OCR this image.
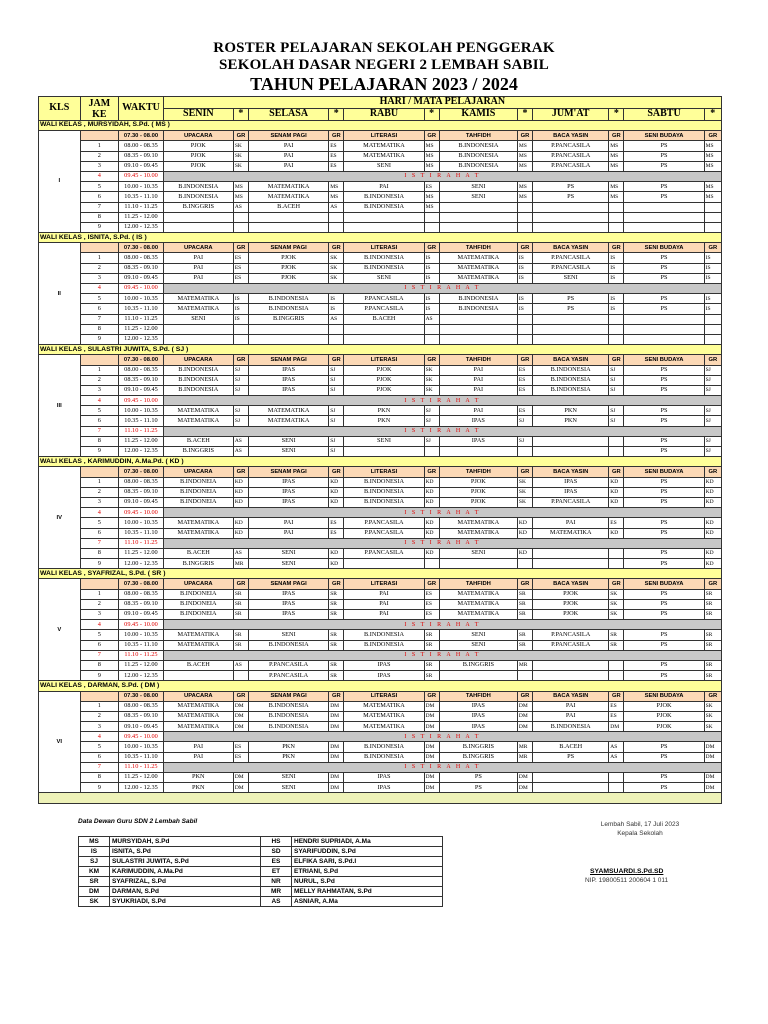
ROSTER PELAJARAN SEKOLAH PENGGERAK
SEKOLAH DASAR NEGERI 2 LEMBAH SABIL
TAHUN PELAJARAN 2023 / 2024
KLS	JAM KE	WAKTU	HARI / MATA PELAJARAN											
			SENIN	*	SELASA	*	RABU	*	KAMIS	*	JUM'AT	*	SABTU	*
WALI KELAS , MURSYIDAH, S.Pd. ( MS )														
I		07.30 - 08.00	UPACARA	GR	SENAM PAGI	GR	LITERASI	GR	TAHFIDH	GR	BACA YASIN	GR	SENI BUDAYA	GR
	1	08.00 - 08.35	PJOK	SK	PAI	ES	MATEMATIKA	MS	B.INDONESIA	MS	P.PANCASILA	MS	PS	MS
	2	08.35 - 09.10	PJOK	SK	PAI	ES	MATEMATIKA	MS	B.INDONESIA	MS	P.PANCASILA	MS	PS	MS
	3	09.10 - 09.45	PJOK	SK	PAI	ES	SENI	MS	B.INDONESIA	MS	P.PANCASILA	MS	PS	MS
	4	09.45 - 10.00	I S T I R A H A T											
	5	10.00 - 10.35	B.INDONESIA	MS	MATEMATIKA	MS	PAI	ES	SENI	MS	PS	MS	PS	MS
	6	10.35 - 11.10	B.INDONESIA	MS	MATEMATIKA	MS	B.INDONESIA	MS	SENI	MS	PS	MS	PS	MS
	7	11.10 - 11.25	B.INGGRIS	AS	B.ACEH	AS	B.INDONESIA	MS						
	8	11.25 - 12.00												
	9	12.00 - 12.35												
WALI KELAS , ISNITA, S.Pd. ( IS )														
II		07.30 - 08.00	UPACARA	GR	SENAM PAGI	GR	LITERASI	GR	TAHFIDH	GR	BACA YASIN	GR	SENI BUDAYA	GR
	1	08.00 - 08.35	PAI	ES	PJOK	SK	B.INDONESIA	IS	MATEMATIKA	IS	P.PANCASILA	IS	PS	IS
	2	08.35 - 09.10	PAI	ES	PJOK	SK	B.INDONESIA	IS	MATEMATIKA	IS	P.PANCASILA	IS	PS	IS
	3	09.10 - 09.45	PAI	ES	PJOK	SK	SENI	IS	MATEMATIKA	IS	SENI	IS	PS	IS
	4	09.45 - 10.00	I S T I R A H A T											
	5	10.00 - 10.35	MATEMATIKA	IS	B.INDONESIA	IS	P.PANCASILA	IS	B.INDONESIA	IS	PS	IS	PS	IS
	6	10.35 - 11.10	MATEMATIKA	IS	B.INDONESIA	IS	P.PANCASILA	IS	B.INDONESIA	IS	PS	IS	PS	IS
	7	11.10 - 11.25	SENI	IS	B.INGGRIS	AS	B.ACEH	AS						
	8	11.25 - 12.00												
	9	12.00 - 12.35												
WALI KELAS , SULASTRI JUWITA, S.Pd. ( SJ )														
III		07.30 - 08.00	UPACARA	GR	SENAM PAGI	GR	LITERASI	GR	TAHFIDH	GR	BACA YASIN	GR	SENI BUDAYA	GR
	1	08.00 - 08.35	B.INDONESIA	SJ	IPAS	SJ	PJOK	SK	PAI	ES	B.INDONESIA	SJ	PS	SJ
	2	08.35 - 09.10	B.INDONESIA	SJ	IPAS	SJ	PJOK	SK	PAI	ES	B.INDONESIA	SJ	PS	SJ
	3	09.10 - 09.45	B.INDONESIA	SJ	IPAS	SJ	PJOK	SK	PAI	ES	B.INDONESIA	SJ	PS	SJ
	4	09.45 - 10.00	I S T I R A H A T											
	5	10.00 - 10.35	MATEMATIKA	SJ	MATEMATIKA	SJ	PKN	SJ	PAI	ES	PKN	SJ	PS	SJ
	6	10.35 - 11.10	MATEMATIKA	SJ	MATEMATIKA	SJ	PKN	SJ	IPAS	SJ	PKN	SJ	PS	SJ
	7	11.10 - 11.25	I S T I R A H A T											
	8	11.25 - 12.00	B.ACEH	AS	SENI	SJ	SENI	SJ	IPAS	SJ			PS	SJ
	9	12.00 - 12.35	B.INGGRIS	AS	SENI	SJ							PS	SJ
WALI KELAS , KARIMUDDIN, A.Ma.Pd. ( KD )														
IV		07.30 - 08.00	UPACARA	GR	SENAM PAGI	GR	LITERASI	GR	TAHFIDH	GR	BACA YASIN	GR	SENI BUDAYA	GR
	1	08.00 - 08.35	B.INDONEIA	KD	IPAS	KD	B.INDONESIA	KD	PJOK	SK	IPAS	KD	PS	KD
	2	08.35 - 09.10	B.INDONEIA	KD	IPAS	KD	B.INDONESIA	KD	PJOK	SK	IPAS	KD	PS	KD
	3	09.10 - 09.45	B.INDONEIA	KD	IPAS	KD	B.INDONESIA	KD	PJOK	SK	P.PANCASILA	KD	PS	KD
	4	09.45 - 10.00	I S T I R A H A T											
	5	10.00 - 10.35	MATEMATIKA	KD	PAI	ES	P.PANCASILA	KD	MATEMATIKA	KD	PAI	ES	PS	KD
	6	10.35 - 11.10	MATEMATIKA	KD	PAI	ES	P.PANCASILA	KD	MATEMATIKA	KD	MATEMATIKA	KD	PS	KD
	7	11.10 - 11.25	I S T I R A H A T											
	8	11.25 - 12.00	B.ACEH	AS	SENI	KD	P.PANCASILA	KD	SENI	KD			PS	KD
	9	12.00 - 12.35	B.INGGRIS	MR	SENI	KD							PS	KD
WALI KELAS , SYAFRIZAL, S.Pd. ( SR )														
V		07.30 - 08.00	UPACARA	GR	SENAM PAGI	GR	LITERASI	GR	TAHFIDH	GR	BACA YASIN	GR	SENI BUDAYA	GR
	1	08.00 - 08.35	B.INDONEIA	SR	IPAS	SR	PAI	ES	MATEMATIKA	SR	PJOK	SK	PS	SR
	2	08.35 - 09.10	B.INDONEIA	SR	IPAS	SR	PAI	ES	MATEMATIKA	SR	PJOK	SK	PS	SR
	3	09.10 - 09.45	B.INDONEIA	SR	IPAS	SR	PAI	ES	MATEMATIKA	SR	PJOK	SK	PS	SR
	4	09.45 - 10.00	I S T I R A H A T											
	5	10.00 - 10.35	MATEMATIKA	SR	SENI	SR	B.INDONESIA	SR	SENI	SR	P.PANCASILA	SR	PS	SR
	6	10.35 - 11.10	MATEMATIKA	SR	B.INDONESIA	SR	B.INDONESIA	SR	SENI	SR	P.PANCASILA	SR	PS	SR
	7	11.10 - 11.25	I S T I R A H A T											
	8	11.25 - 12.00	B.ACEH	AS	P.PANCASILA	SR	IPAS	SR	B.INGGRIS	MR			PS	SR
	9	12.00 - 12.35			P.PANCASILA	SR	IPAS	SR					PS	SR
WALI KELAS , DARMAN, S.Pd. ( DM )														
VI		07.30 - 08.00	UPACARA	GR	SENAM PAGI	GR	LITERASI	GR	TAHFIDH	GR	BACA YASIN	GR	SENI BUDAYA	GR
	1	08.00 - 08.35	MATEMATIKA	DM	B.INDONESIA	DM	MATEMATIKA	DM	IPAS	DM	PAI	ES	PJOK	SK
	2	08.35 - 09.10	MATEMATIKA	DM	B.INDONESIA	DM	MATEMATIKA	DM	IPAS	DM	PAI	ES	PJOK	SK
	3	09.10 - 09.45	MATEMATIKA	DM	B.INDONESIA	DM	MATEMATIKA	DM	IPAS	DM	B.INDONESIA	DM	PJOK	SK
	4	09.45 - 10.00	I S T I R A H A T											
	5	10.00 - 10.35	PAI	ES	PKN	DM	B.INDONESIA	DM	B.INGGRIS	MR	B.ACEH	AS	PS	DM
	6	10.35 - 11.10	PAI	ES	PKN	DM	B.INDONESIA	DM	B.INGGRIS	MR	PS	AS	PS	DM
	7	11.10 - 11.25	I S T I R A H A T											
	8	11.25 - 12.00	PKN	DM	SENI	DM	IPAS	DM	PS	DM			PS	DM
	9	12.00 - 12.35	PKN	DM	SENI	DM	IPAS	DM	PS	DM			PS	DM

Data Dewan Guru SDN 2 Lembah Sabil
MS	MURSYIDAH, S.Pd	HS	HENDRI SUPRIADI, A.Ma
IS	ISNITA, S.Pd	SD	SYARIFUDDIN, S.Pd
SJ	SULASTRI JUWITA, S.Pd	ES	ELFIKA SARI, S.Pd.I
KM	KARIMUDDIN, A.Ma.Pd	ET	ETRIANI, S.Pd
SR	SYAFRIZAL, S.Pd	NR	NURUL, S.Pd
DM	DARMAN, S.Pd	MR	MELLY RAHMATAN, S.Pd
SK	SYUKRIADI, S.Pd	AS	ASNIAR, A.Ma
Lembah Sabil, 17 Juli 2023
Kepala Sekolah
SYAMSUARDI.S.Pd.SD
NIP. 19800511 200604 1 011
